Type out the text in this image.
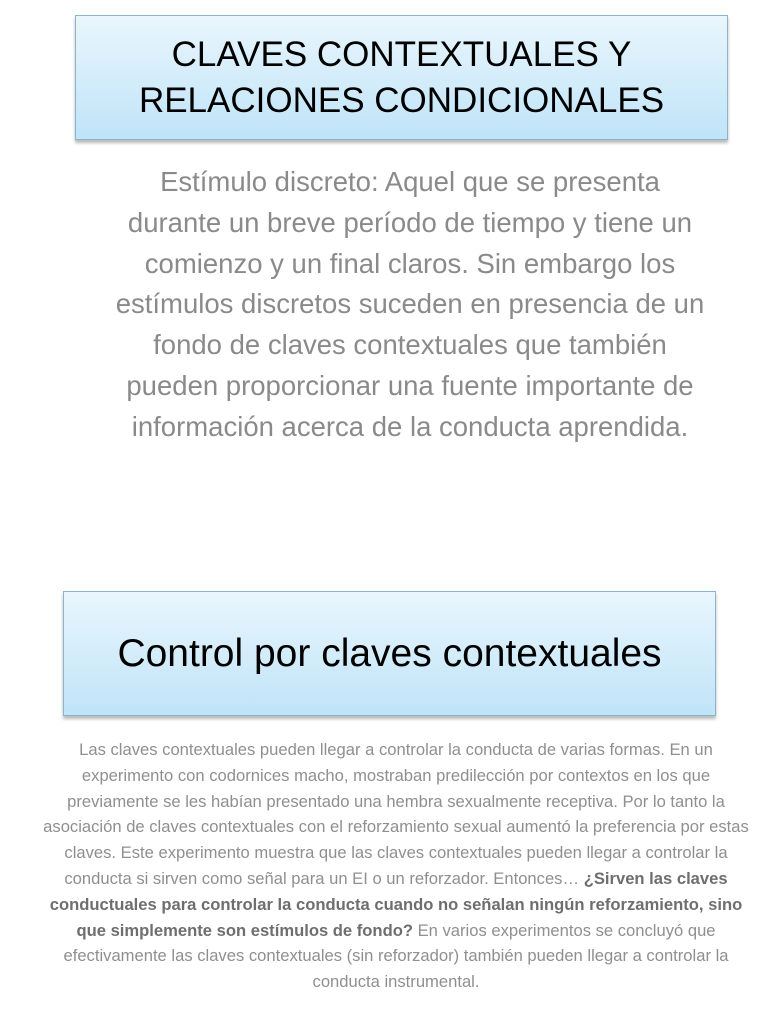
CLAVES CONTEXTUALES Y
RELACIONES CONDICIONALES
Estímulo discreto: Aquel que se presenta durante un breve período de tiempo y tiene un comienzo y un final claros. Sin embargo los estímulos discretos suceden en presencia de un fondo de claves contextuales que también pueden proporcionar una fuente importante de información acerca de la conducta aprendida.
Control por claves contextuales
Las claves contextuales pueden llegar a controlar la conducta de varias formas. En un experimento con codornices macho, mostraban predilección por contextos en los que previamente se les habían presentado una hembra sexualmente receptiva. Por lo tanto la asociación de claves contextuales con el reforzamiento sexual aumentó la preferencia por estas claves. Este experimento muestra que las claves contextuales pueden llegar a controlar la conducta si sirven como señal para un EI o un reforzador. Entonces… ¿Sirven las claves conductuales para controlar la conducta cuando no señalan ningún reforzamiento, sino que simplemente son estímulos de fondo? En varios experimentos se concluyó que efectivamente las claves contextuales (sin reforzador) también pueden llegar a controlar la conducta instrumental.
